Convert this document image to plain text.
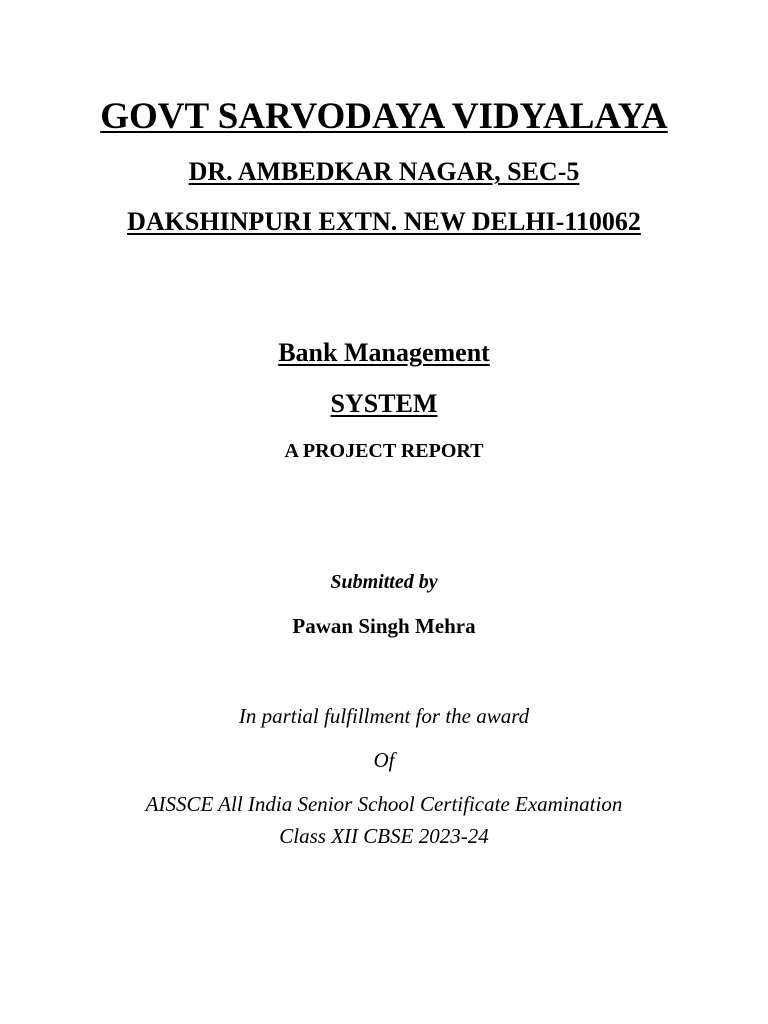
GOVT SARVODAYA VIDYALAYA
DR. AMBEDKAR NAGAR, SEC-5
DAKSHINPURI EXTN. NEW DELHI-110062
Bank Management
SYSTEM
A PROJECT REPORT
Submitted by
Pawan Singh Mehra
In partial fulfillment for the award
Of
AISSCE All India Senior School Certificate Examination
Class XII CBSE 2023-24
